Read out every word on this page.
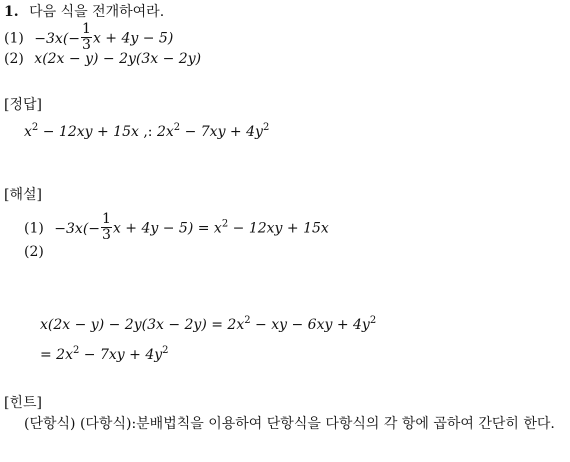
1. 다음 식을 전개하여라.
$(1) -3x(- \frac{1}{3}$ x + 4y − 5)
(2) x(2x − y) − 2y(3x − 2y)
[정답]
$x^2 - 12xy + 15x$ ,: $2x^2 - 7xy + 4y^2$
[해설]
$(1) -3x(- \frac{1}{3}$ $x + 4y - 5) = x^2 - 12xy + 15x$
(2)
$x(2x - y) - 2y(3x - 2y) = 2x^2$ − xy − $6xy + 4y^2$
= $2x^2 - 7xy + 4y^2$
[힌트]
(단항식) (다항식):분배법칙을 이용하여 단항식을 다항식의 각 항에 곱하여 간단히 한다.
